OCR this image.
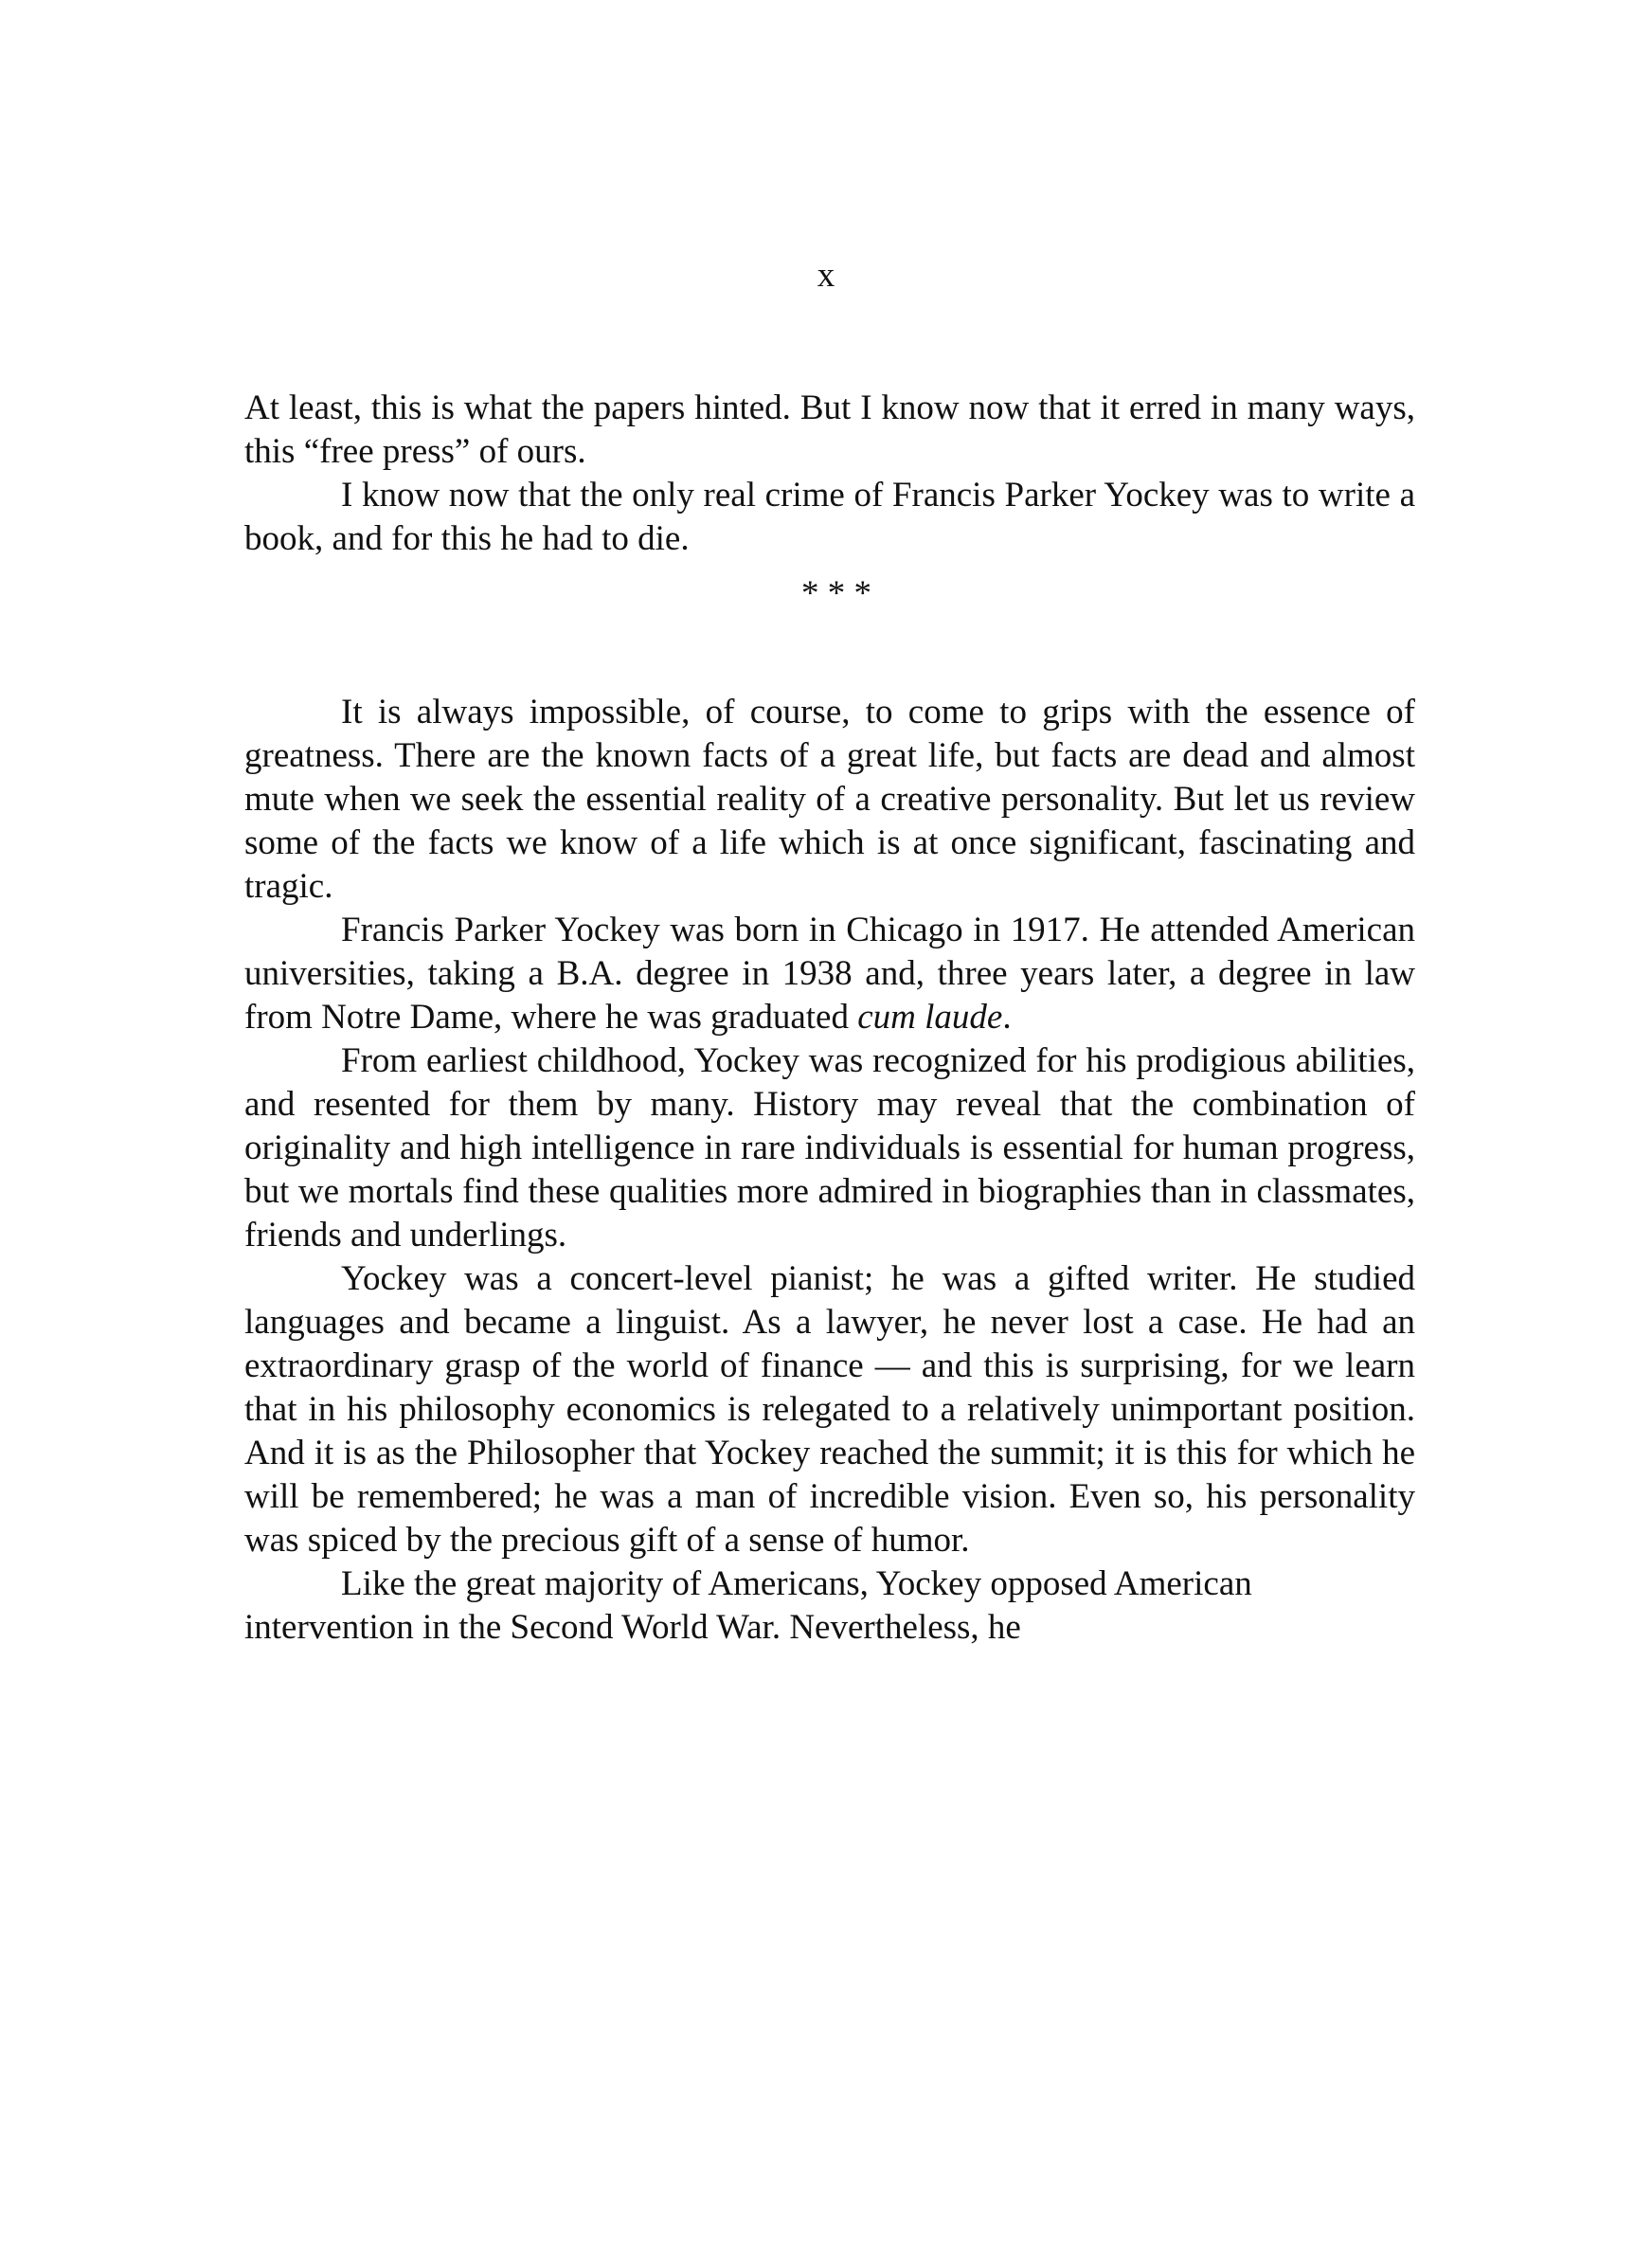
x

At least, this is what the papers hinted. But I know now that it erred in many ways, this “free press” of ours.

I know now that the only real crime of Francis Parker Yockey was to write a book, and for this he had to die.

* * *

It is always impossible, of course, to come to grips with the essence of greatness. There are the known facts of a great life, but facts are dead and almost mute when we seek the essential reality of a creative personality. But let us review some of the facts we know of a life which is at once significant, fascinating and tragic.

Francis Parker Yockey was born in Chicago in 1917. He attended American universities, taking a B.A. degree in 1938 and, three years later, a degree in law from Notre Dame, where he was graduated cum laude.

From earliest childhood, Yockey was recognized for his prodigious abilities, and resented for them by many. History may reveal that the combination of originality and high intelligence in rare individuals is essential for human progress, but we mortals find these qualities more admired in biographies than in classmates, friends and underlings.

Yockey was a concert-level pianist; he was a gifted writer. He studied languages and became a linguist. As a lawyer, he never lost a case. He had an extraordinary grasp of the world of finance — and this is surprising, for we learn that in his philosophy economics is relegated to a relatively unimportant position. And it is as the Philosopher that Yockey reached the summit; it is this for which he will be remembered; he was a man of incredible vision. Even so, his personality was spiced by the precious gift of a sense of humor.

Like the great majority of Americans, Yockey opposed American intervention in the Second World War. Nevertheless, he
